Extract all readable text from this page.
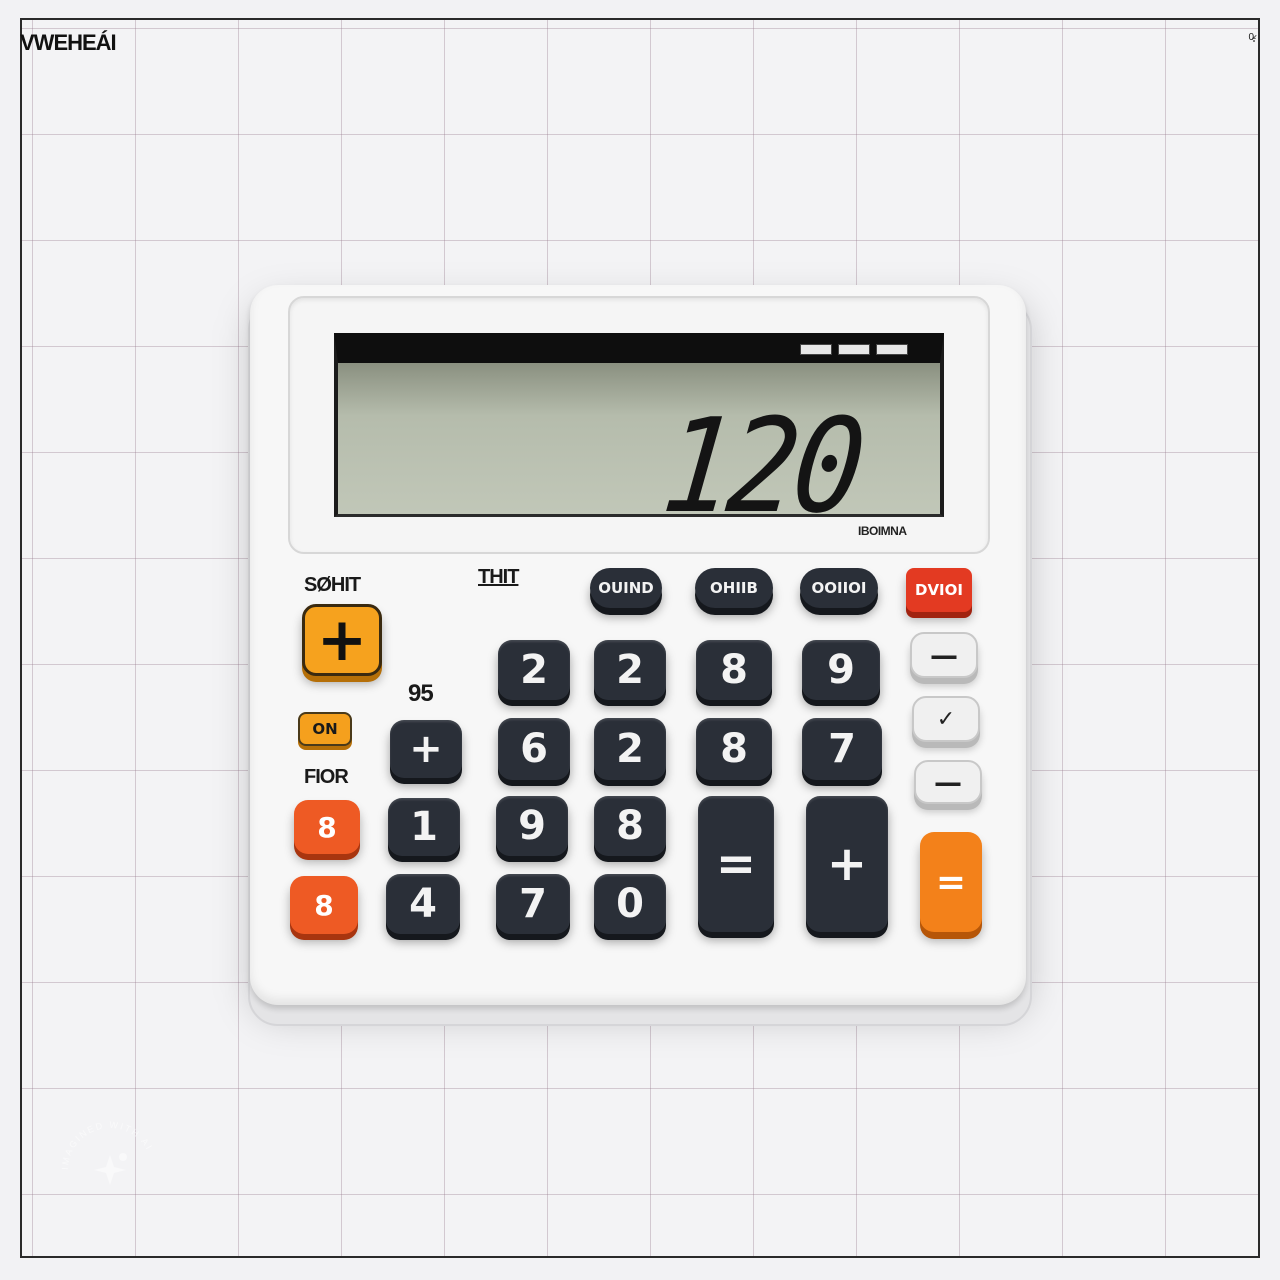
VWEHEÁI	0̷̵̥
120
IBOIMNA
SØHIT	THIT
95
FIOR
OUIND	OHIIB	OOIIOI	DVIOI
+
ON
8
8
2	2	8	9
+	6	2	8	7
1	9	8
4	7	0
=	+
—
✓
—
=
IMAGINED WITH AI
